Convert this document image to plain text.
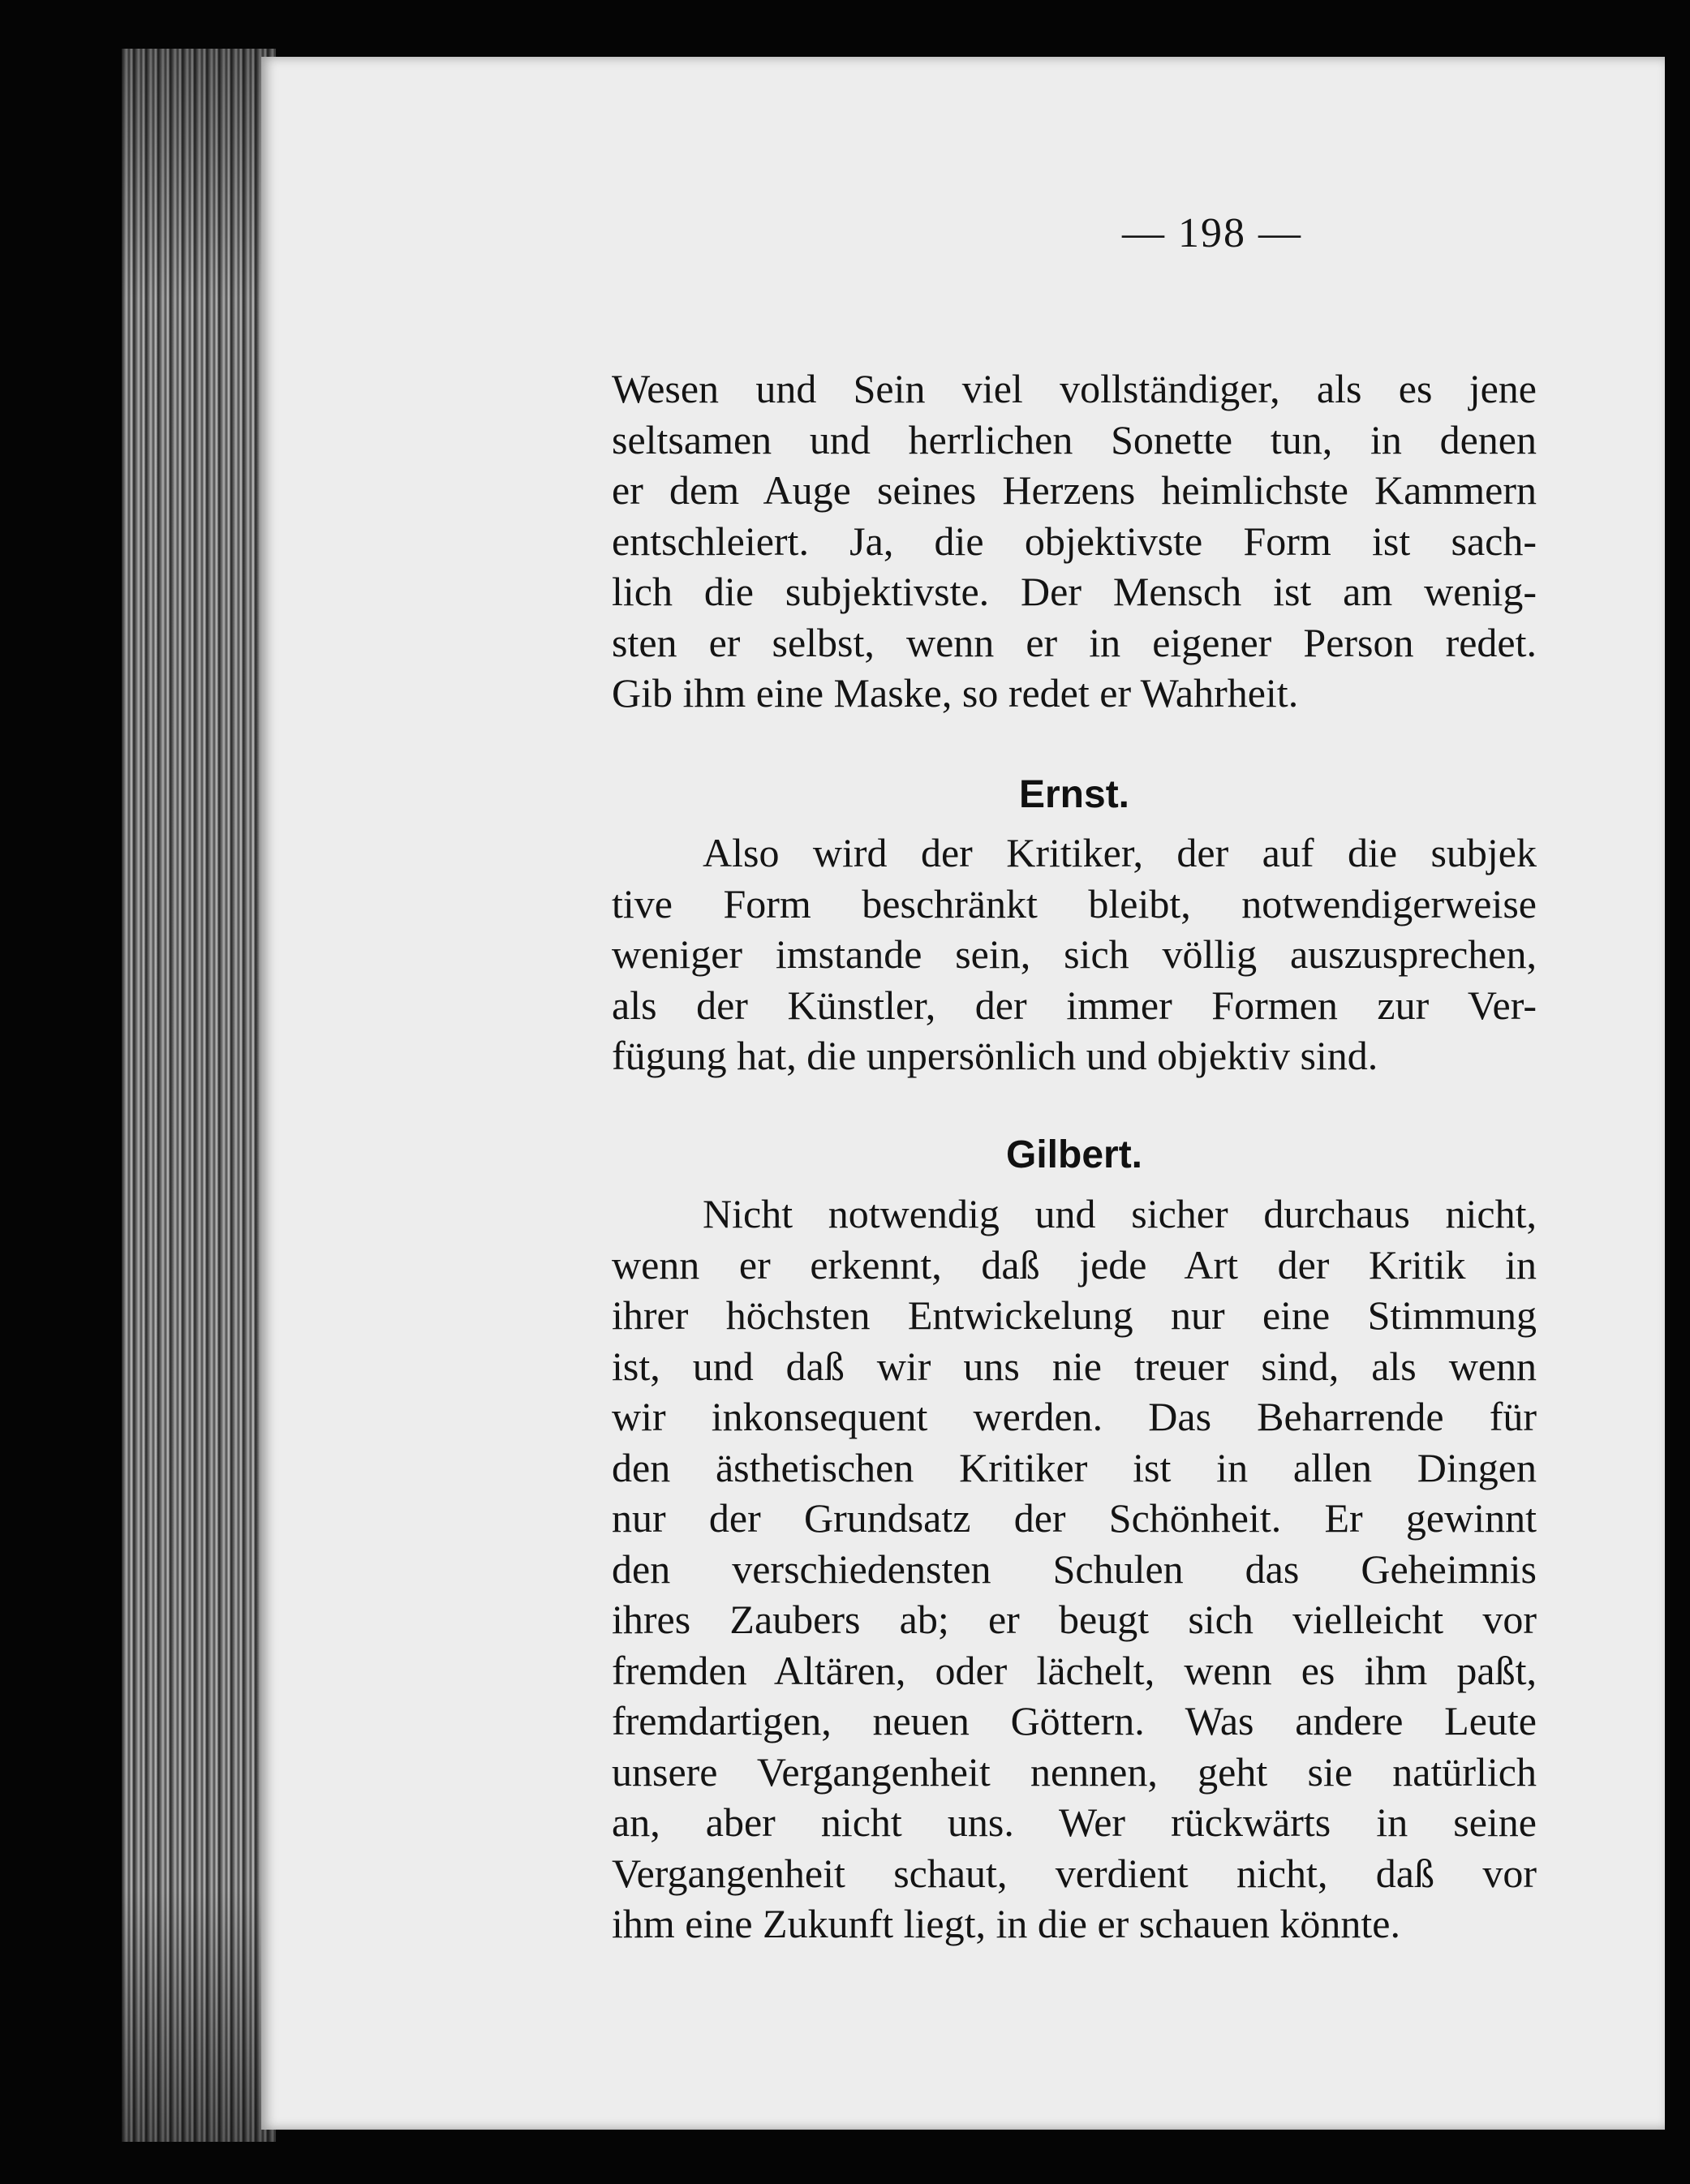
— 198 —
Wesen und Sein viel vollständiger, als es jene
seltsamen und herrlichen Sonette tun, in denen
er dem Auge seines Herzens heimlichste Kammern
entschleiert. Ja, die objektivste Form ist sach-
lich die subjektivste. Der Mensch ist am wenig-
sten er selbst, wenn er in eigener Person redet.
Gib ihm eine Maske, so redet er Wahrheit.
Ernst.
Also wird der Kritiker, der auf die subjek
tive Form beschränkt bleibt, notwendigerweise
weniger imstande sein, sich völlig auszusprechen,
als der Künstler, der immer Formen zur Ver-
fügung hat, die unpersönlich und objektiv sind.
Gilbert.
Nicht notwendig und sicher durchaus nicht,
wenn er erkennt, daß jede Art der Kritik in
ihrer höchsten Entwickelung nur eine Stimmung
ist, und daß wir uns nie treuer sind, als wenn
wir inkonsequent werden. Das Beharrende für
den ästhetischen Kritiker ist in allen Dingen
nur der Grundsatz der Schönheit. Er gewinnt
den verschiedensten Schulen das Geheimnis
ihres Zaubers ab; er beugt sich vielleicht vor
fremden Altären, oder lächelt, wenn es ihm paßt,
fremdartigen, neuen Göttern. Was andere Leute
unsere Vergangenheit nennen, geht sie natürlich
an, aber nicht uns. Wer rückwärts in seine
Vergangenheit schaut, verdient nicht, daß vor
ihm eine Zukunft liegt, in die er schauen könnte.
